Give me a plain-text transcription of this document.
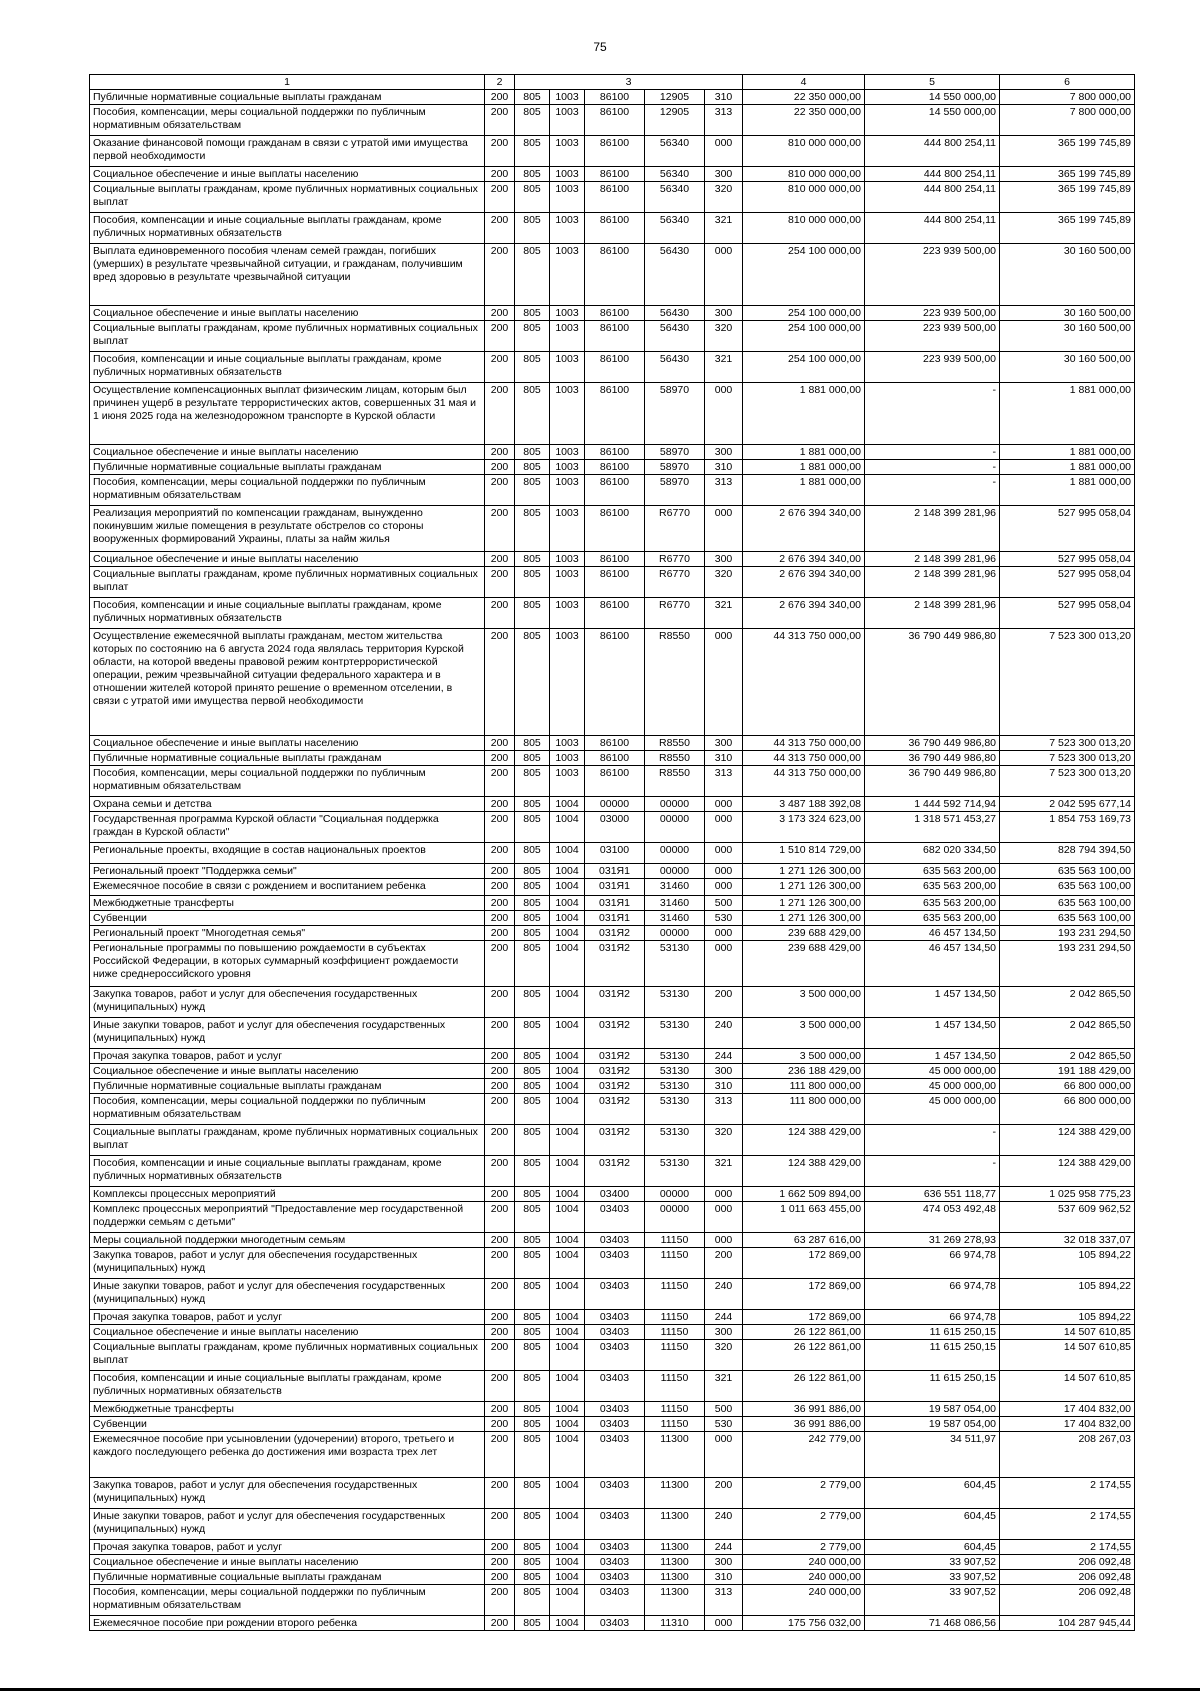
75
1	2	3					4	5	6
Публичные нормативные социальные выплаты гражданам	200	805	1003	86100	12905	310	22 350 000,00	14 550 000,00	7 800 000,00
Пособия, компенсации, меры социальной поддержки по публичным нормативным обязательствам	200	805	1003	86100	12905	313	22 350 000,00	14 550 000,00	7 800 000,00
Оказание финансовой помощи гражданам в связи с утратой ими имущества первой необходимости	200	805	1003	86100	56340	000	810 000 000,00	444 800 254,11	365 199 745,89
Социальное обеспечение и иные выплаты населению	200	805	1003	86100	56340	300	810 000 000,00	444 800 254,11	365 199 745,89
Социальные выплаты гражданам, кроме публичных нормативных социальных выплат	200	805	1003	86100	56340	320	810 000 000,00	444 800 254,11	365 199 745,89
Пособия, компенсации и иные социальные выплаты гражданам, кроме публичных нормативных обязательств	200	805	1003	86100	56340	321	810 000 000,00	444 800 254,11	365 199 745,89
Выплата единовременного пособия членам семей граждан, погибших (умерших) в результате чрезвычайной ситуации, и гражданам, получившим вред здоровью в результате чрезвычайной ситуации	200	805	1003	86100	56430	000	254 100 000,00	223 939 500,00	30 160 500,00
Социальное обеспечение и иные выплаты населению	200	805	1003	86100	56430	300	254 100 000,00	223 939 500,00	30 160 500,00
Социальные выплаты гражданам, кроме публичных нормативных социальных выплат	200	805	1003	86100	56430	320	254 100 000,00	223 939 500,00	30 160 500,00
Пособия, компенсации и иные социальные выплаты гражданам, кроме публичных нормативных обязательств	200	805	1003	86100	56430	321	254 100 000,00	223 939 500,00	30 160 500,00
Осуществление компенсационных выплат физическим лицам, которым был причинен ущерб в результате террористических актов, совершенных 31 мая и 1 июня 2025 года на железнодорожном транспорте в Курской области	200	805	1003	86100	58970	000	1 881 000,00	-	1 881 000,00
Социальное обеспечение и иные выплаты населению	200	805	1003	86100	58970	300	1 881 000,00	-	1 881 000,00
Публичные нормативные социальные выплаты гражданам	200	805	1003	86100	58970	310	1 881 000,00	-	1 881 000,00
Пособия, компенсации, меры социальной поддержки по публичным нормативным обязательствам	200	805	1003	86100	58970	313	1 881 000,00	-	1 881 000,00
Реализация мероприятий по компенсации гражданам, вынужденно покинувшим жилые помещения в результате обстрелов со стороны вооруженных формирований Украины, платы за найм жилья	200	805	1003	86100	R6770	000	2 676 394 340,00	2 148 399 281,96	527 995 058,04
Социальное обеспечение и иные выплаты населению	200	805	1003	86100	R6770	300	2 676 394 340,00	2 148 399 281,96	527 995 058,04
Социальные выплаты гражданам, кроме публичных нормативных социальных выплат	200	805	1003	86100	R6770	320	2 676 394 340,00	2 148 399 281,96	527 995 058,04
Пособия, компенсации и иные социальные выплаты гражданам, кроме публичных нормативных обязательств	200	805	1003	86100	R6770	321	2 676 394 340,00	2 148 399 281,96	527 995 058,04
Осуществление ежемесячной выплаты гражданам, местом жительства которых по состоянию на 6 августа 2024 года являлась территория Курской области, на которой введены правовой режим контртеррористической операции, режим чрезвычайной ситуации федерального характера и в отношении жителей которой принято решение о временном отселении, в связи с утратой ими имущества первой необходимости	200	805	1003	86100	R8550	000	44 313 750 000,00	36 790 449 986,80	7 523 300 013,20
Социальное обеспечение и иные выплаты населению	200	805	1003	86100	R8550	300	44 313 750 000,00	36 790 449 986,80	7 523 300 013,20
Публичные нормативные социальные выплаты гражданам	200	805	1003	86100	R8550	310	44 313 750 000,00	36 790 449 986,80	7 523 300 013,20
Пособия, компенсации, меры социальной поддержки по публичным нормативным обязательствам	200	805	1003	86100	R8550	313	44 313 750 000,00	36 790 449 986,80	7 523 300 013,20
Охрана семьи и детства	200	805	1004	00000	00000	000	3 487 188 392,08	1 444 592 714,94	2 042 595 677,14
Государственная программа Курской области "Социальная поддержка граждан в Курской области"	200	805	1004	03000	00000	000	3 173 324 623,00	1 318 571 453,27	1 854 753 169,73
Региональные проекты, входящие в состав национальных проектов	200	805	1004	03100	00000	000	1 510 814 729,00	682 020 334,50	828 794 394,50
Региональный проект "Поддержка семьи"	200	805	1004	031Я1	00000	000	1 271 126 300,00	635 563 200,00	635 563 100,00
Ежемесячное пособие в связи с рождением и воспитанием ребенка	200	805	1004	031Я1	31460	000	1 271 126 300,00	635 563 200,00	635 563 100,00
Межбюджетные трансферты	200	805	1004	031Я1	31460	500	1 271 126 300,00	635 563 200,00	635 563 100,00
Субвенции	200	805	1004	031Я1	31460	530	1 271 126 300,00	635 563 200,00	635 563 100,00
Региональный проект "Многодетная семья"	200	805	1004	031Я2	00000	000	239 688 429,00	46 457 134,50	193 231 294,50
Региональные программы по повышению рождаемости в субъектах Российской Федерации, в которых суммарный коэффициент рождаемости ниже среднероссийского уровня	200	805	1004	031Я2	53130	000	239 688 429,00	46 457 134,50	193 231 294,50
Закупка товаров, работ и услуг для обеспечения государственных (муниципальных) нужд	200	805	1004	031Я2	53130	200	3 500 000,00	1 457 134,50	2 042 865,50
Иные закупки товаров, работ и услуг для обеспечения государственных (муниципальных) нужд	200	805	1004	031Я2	53130	240	3 500 000,00	1 457 134,50	2 042 865,50
Прочая закупка товаров, работ и услуг	200	805	1004	031Я2	53130	244	3 500 000,00	1 457 134,50	2 042 865,50
Социальное обеспечение и иные выплаты населению	200	805	1004	031Я2	53130	300	236 188 429,00	45 000 000,00	191 188 429,00
Публичные нормативные социальные выплаты гражданам	200	805	1004	031Я2	53130	310	111 800 000,00	45 000 000,00	66 800 000,00
Пособия, компенсации, меры социальной поддержки по публичным нормативным обязательствам	200	805	1004	031Я2	53130	313	111 800 000,00	45 000 000,00	66 800 000,00
Социальные выплаты гражданам, кроме публичных нормативных социальных выплат	200	805	1004	031Я2	53130	320	124 388 429,00	-	124 388 429,00
Пособия, компенсации и иные социальные выплаты гражданам, кроме публичных нормативных обязательств	200	805	1004	031Я2	53130	321	124 388 429,00	-	124 388 429,00
Комплексы процессных мероприятий	200	805	1004	03400	00000	000	1 662 509 894,00	636 551 118,77	1 025 958 775,23
Комплекс процессных мероприятий "Предоставление мер государственной поддержки семьям с детьми"	200	805	1004	03403	00000	000	1 011 663 455,00	474 053 492,48	537 609 962,52
Меры социальной поддержки многодетным семьям	200	805	1004	03403	11150	000	63 287 616,00	31 269 278,93	32 018 337,07
Закупка товаров, работ и услуг для обеспечения государственных (муниципальных) нужд	200	805	1004	03403	11150	200	172 869,00	66 974,78	105 894,22
Иные закупки товаров, работ и услуг для обеспечения государственных (муниципальных) нужд	200	805	1004	03403	11150	240	172 869,00	66 974,78	105 894,22
Прочая закупка товаров, работ и услуг	200	805	1004	03403	11150	244	172 869,00	66 974,78	105 894,22
Социальное обеспечение и иные выплаты населению	200	805	1004	03403	11150	300	26 122 861,00	11 615 250,15	14 507 610,85
Социальные выплаты гражданам, кроме публичных нормативных социальных выплат	200	805	1004	03403	11150	320	26 122 861,00	11 615 250,15	14 507 610,85
Пособия, компенсации и иные социальные выплаты гражданам, кроме публичных нормативных обязательств	200	805	1004	03403	11150	321	26 122 861,00	11 615 250,15	14 507 610,85
Межбюджетные трансферты	200	805	1004	03403	11150	500	36 991 886,00	19 587 054,00	17 404 832,00
Субвенции	200	805	1004	03403	11150	530	36 991 886,00	19 587 054,00	17 404 832,00
Ежемесячное пособие при усыновлении (удочерении) второго, третьего и каждого последующего ребенка до достижения ими возраста трех лет	200	805	1004	03403	11300	000	242 779,00	34 511,97	208 267,03
Закупка товаров, работ и услуг для обеспечения государственных (муниципальных) нужд	200	805	1004	03403	11300	200	2 779,00	604,45	2 174,55
Иные закупки товаров, работ и услуг для обеспечения государственных (муниципальных) нужд	200	805	1004	03403	11300	240	2 779,00	604,45	2 174,55
Прочая закупка товаров, работ и услуг	200	805	1004	03403	11300	244	2 779,00	604,45	2 174,55
Социальное обеспечение и иные выплаты населению	200	805	1004	03403	11300	300	240 000,00	33 907,52	206 092,48
Публичные нормативные социальные выплаты гражданам	200	805	1004	03403	11300	310	240 000,00	33 907,52	206 092,48
Пособия, компенсации, меры социальной поддержки по публичным нормативным обязательствам	200	805	1004	03403	11300	313	240 000,00	33 907,52	206 092,48
Ежемесячное пособие при рождении второго ребенка	200	805	1004	03403	11310	000	175 756 032,00	71 468 086,56	104 287 945,44
